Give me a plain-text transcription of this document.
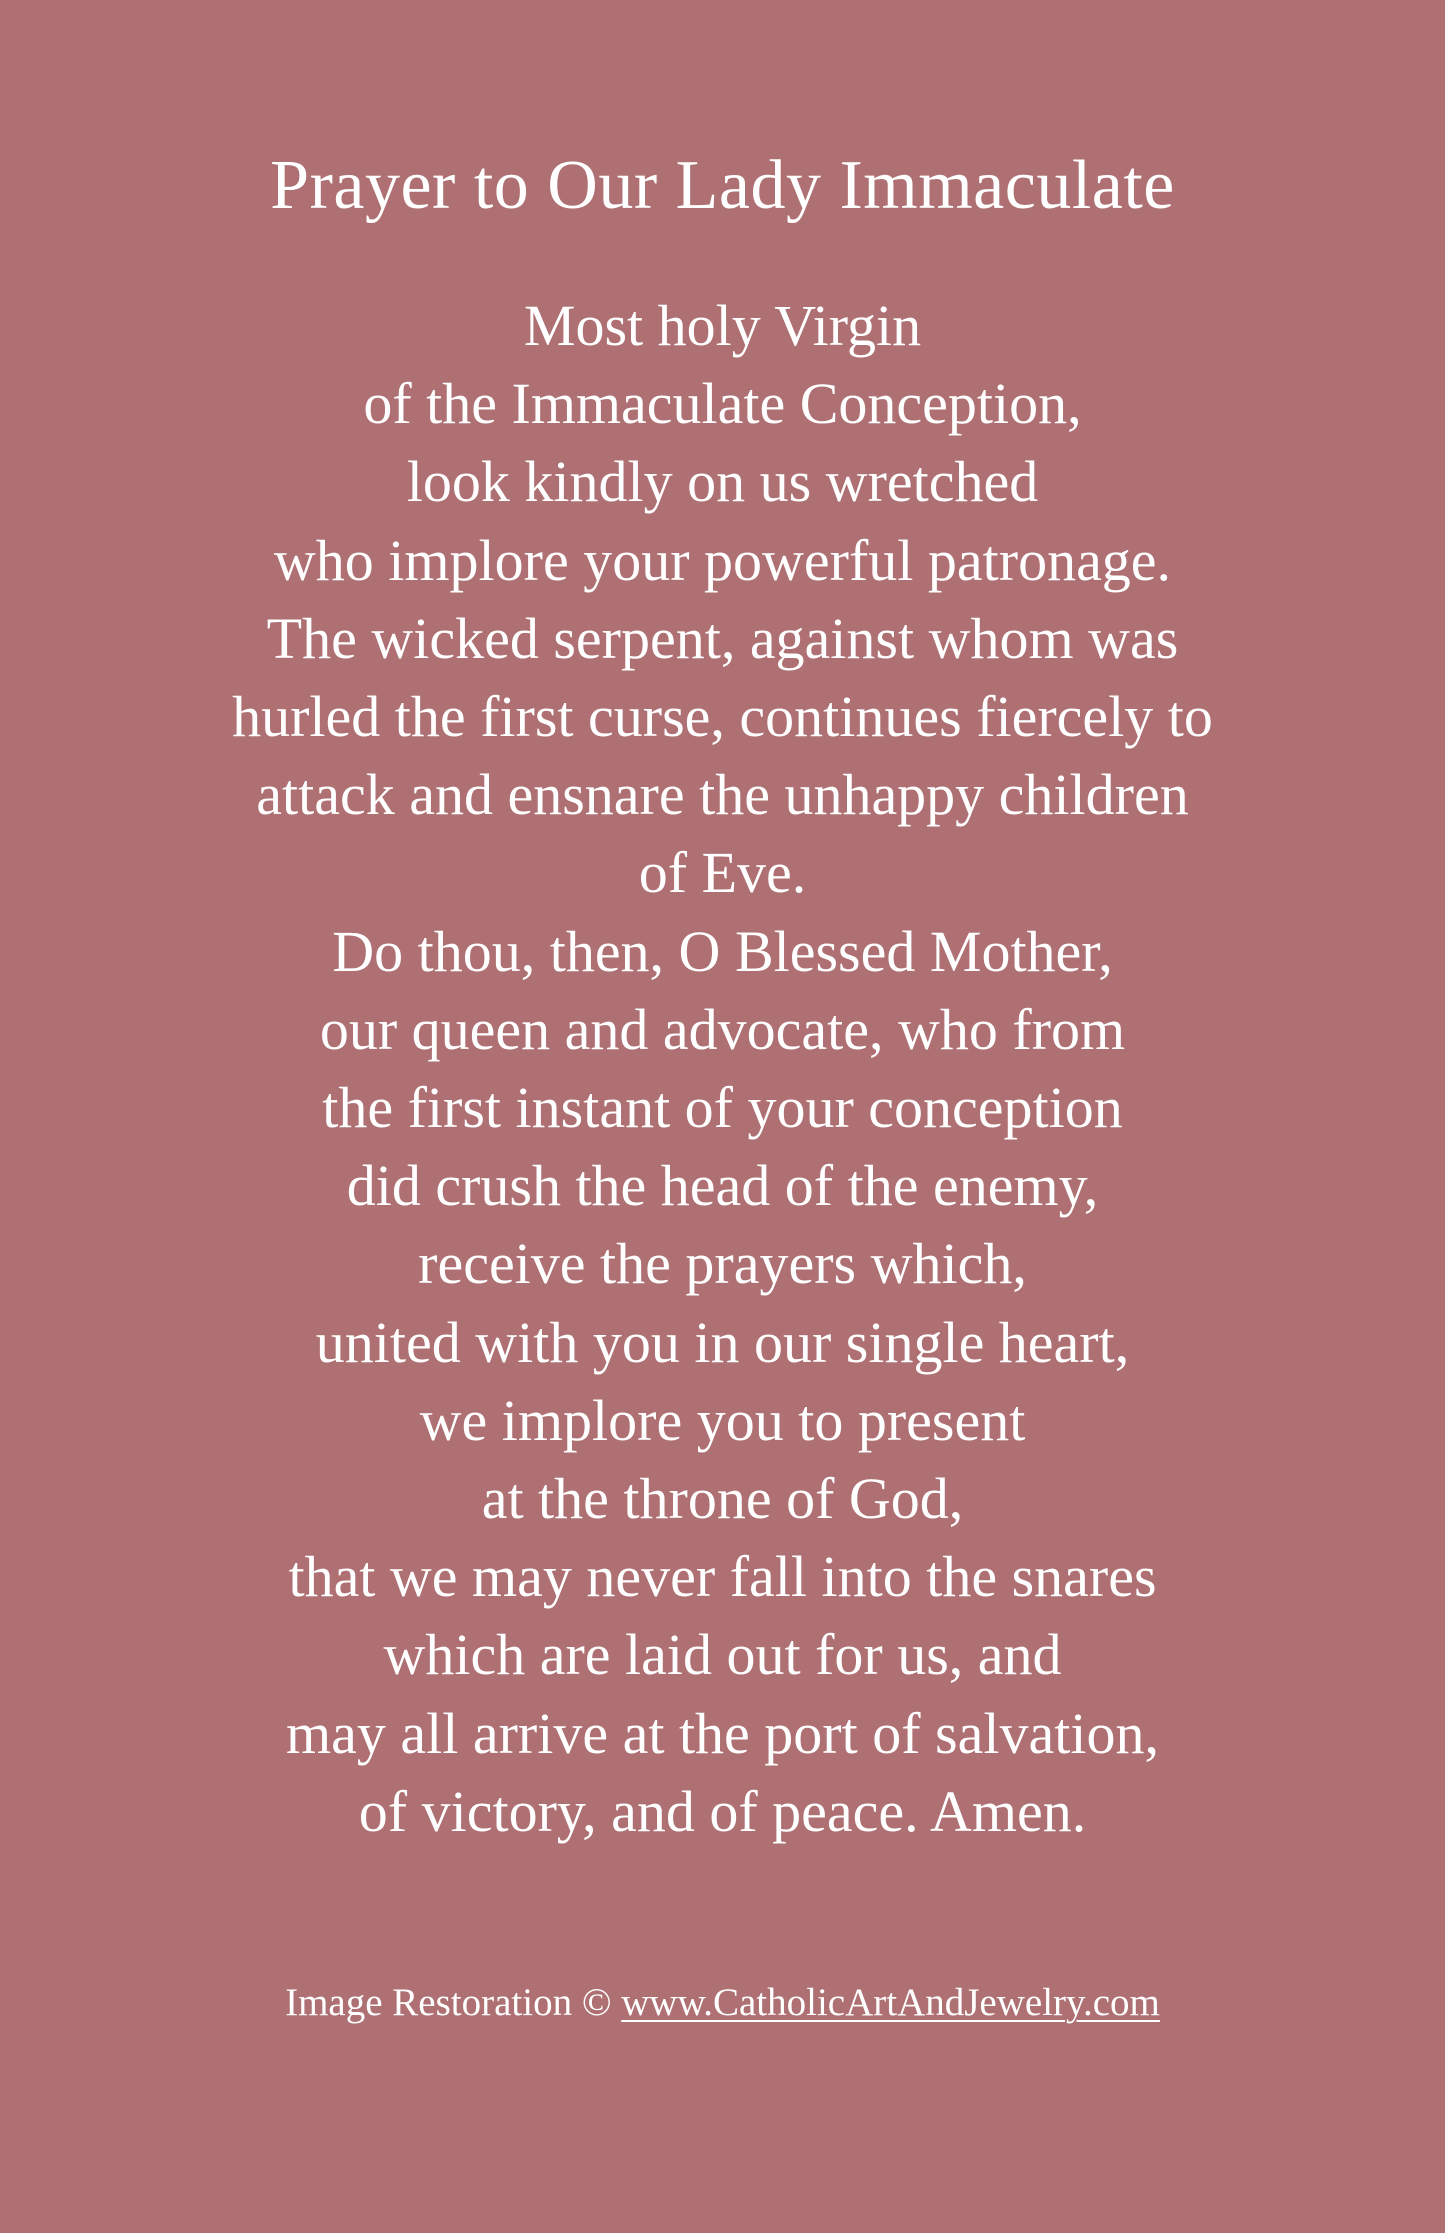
Prayer to Our Lady Immaculate
Most holy Virgin
of the Immaculate Conception,
look kindly on us wretched
who implore your powerful patronage.
The wicked serpent, against whom was
hurled the first curse, continues fiercely to
attack and ensnare the unhappy children
of Eve.
Do thou, then, O Blessed Mother,
our queen and advocate, who from
the first instant of your conception
did crush the head of the enemy,
receive the prayers which,
united with you in our single heart,
we implore you to present
at the throne of God,
that we may never fall into the snares
which are laid out for us, and
may all arrive at the port of salvation,
of victory, and of peace. Amen.
Image Restoration © www.CatholicArtAndJewelry.com
